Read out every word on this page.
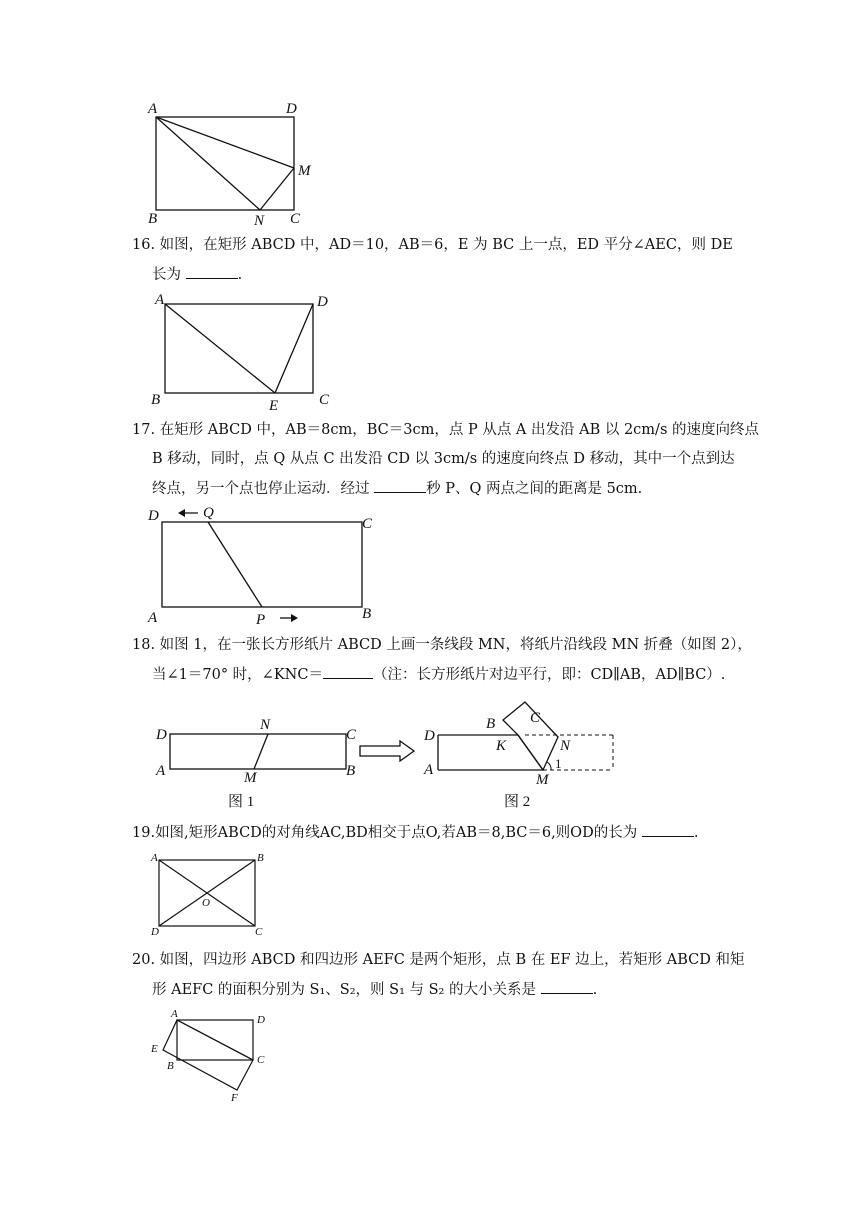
A	D
M
B	N C
16. 如图，在矩形 ABCD 中，AD＝10，AB＝6，E 为 BC 上一点，ED 平分∠AEC，则 DE
长为	.
A	D
B	E	C
17. 在矩形 ABCD 中，AB＝8cm，BC＝3cm，点 P 从点 A 出发沿 AB 以 2cm/s 的速度向终点
B 移动，同时，点 Q 从点 C 出发沿 CD 以 3cm/s 的速度向终点 D 移动，其中一个点到达
终点，另一个点也停止运动．经过	秒 P、Q 两点之间的距离是 5cm.
D	Q
C
A	P	B
18. 如图 1，在一张长方形纸片 ABCD 上画一条线段 MN，将纸片沿线段 MN 折叠（如图 2），
当∠1＝70° 时，∠KNC＝	（注：长方形纸片对边平行，即：CD∥AB，AD∥BC）.
N
D	C
A	M	B
图 1
C
B
D
K	N
A
M
1
图 2
19.如图,矩形ABCD的对角线AC,BD相交于点O,若AB＝8,BC＝6,则OD的长为	.
A	B
O
D	C
20. 如图，四边形 ABCD 和四边形 AEFC 是两个矩形，点 B 在 EF 边上，若矩形 ABCD 和矩
形 AEFC 的面积分别为 S₁、S₂，则 S₁ 与 S₂ 的大小关系是	.
A	D
E
B	C
F
